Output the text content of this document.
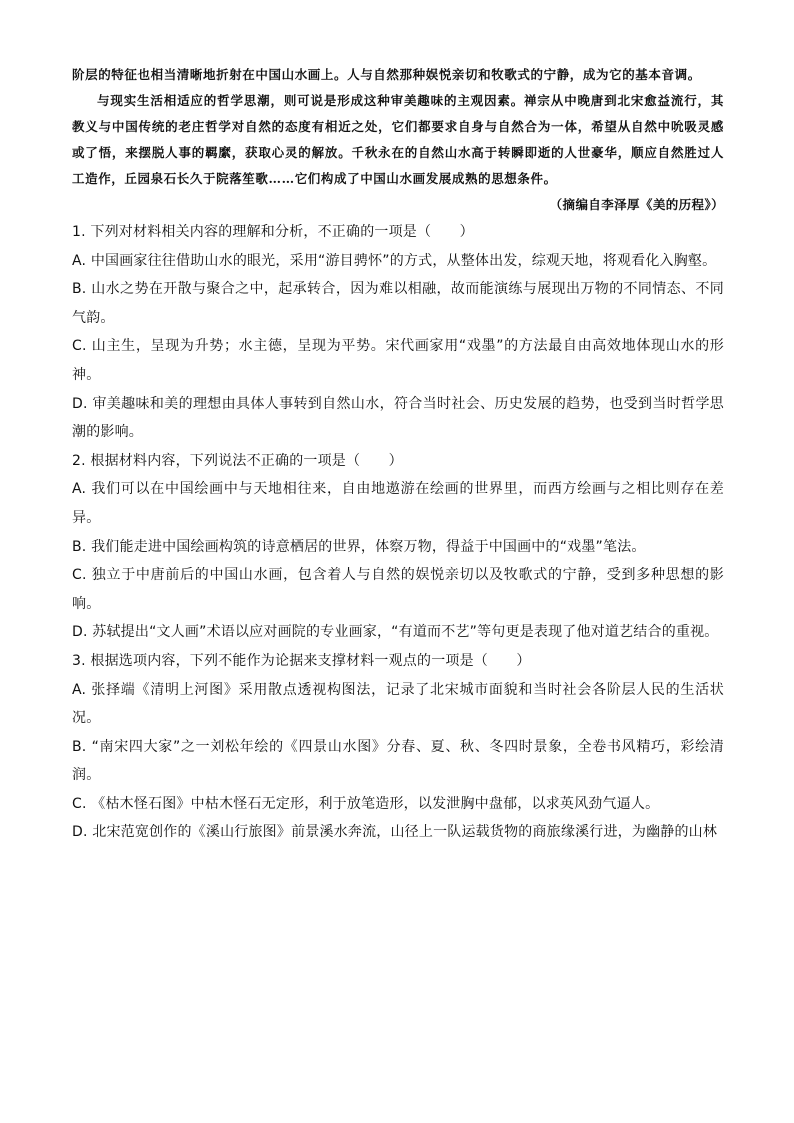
阶层的特征也相当清晰地折射在中国山水画上。人与自然那种娱悦亲切和牧歌式的宁静，成为它的基本音调。

与现实生活相适应的哲学思潮，则可说是形成这种审美趣味的主观因素。禅宗从中晚唐到北宋愈益流行，其教义与中国传统的老庄哲学对自然的态度有相近之处，它们都要求自身与自然合为一体，希望从自然中吮吸灵感或了悟，来摆脱人事的羁縻，获取心灵的解放。千秋永在的自然山水高于转瞬即逝的人世豪华，顺应自然胜过人工造作，丘园泉石长久于院落笙歌……它们构成了中国山水画发展成熟的思想条件。

（摘编自李泽厚《美的历程》）

1. 下列对材料相关内容的理解和分析，不正确的一项是（　　）

A. 中国画家往往借助山水的眼光，采用“游目骋怀”的方式，从整体出发，综观天地，将观看化入胸壑。

B. 山水之势在开散与聚合之中，起承转合，因为难以相融，故而能演练与展现出万物的不同情态、不同气韵。

C. 山主生，呈现为升势；水主德，呈现为平势。宋代画家用“戏墨”的方法最自由高效地体现山水的形神。

D. 审美趣味和美的理想由具体人事转到自然山水，符合当时社会、历史发展的趋势，也受到当时哲学思潮的影响。

2. 根据材料内容，下列说法不正确的一项是（　　）

A. 我们可以在中国绘画中与天地相往来，自由地遨游在绘画的世界里，而西方绘画与之相比则存在差异。

B. 我们能走进中国绘画构筑的诗意栖居的世界，体察万物，得益于中国画中的“戏墨”笔法。

C. 独立于中唐前后的中国山水画，包含着人与自然的娱悦亲切以及牧歌式的宁静，受到多种思想的影响。

D. 苏轼提出“文人画”术语以应对画院的专业画家，“有道而不艺”等句更是表现了他对道艺结合的重视。

3. 根据选项内容，下列不能作为论据来支撑材料一观点的一项是（　　）

A. 张择端《清明上河图》采用散点透视构图法，记录了北宋城市面貌和当时社会各阶层人民的生活状况。

B. “南宋四大家”之一刘松年绘的《四景山水图》分春、夏、秋、冬四时景象，全卷书风精巧，彩绘清润。

C. 《枯木怪石图》中枯木怪石无定形，利于放笔造形，以发泄胸中盘郁，以求英风劲气逼人。

D. 北宋范宽创作的《溪山行旅图》前景溪水奔流，山径上一队运载货物的商旅缘溪行进，为幽静的山林
